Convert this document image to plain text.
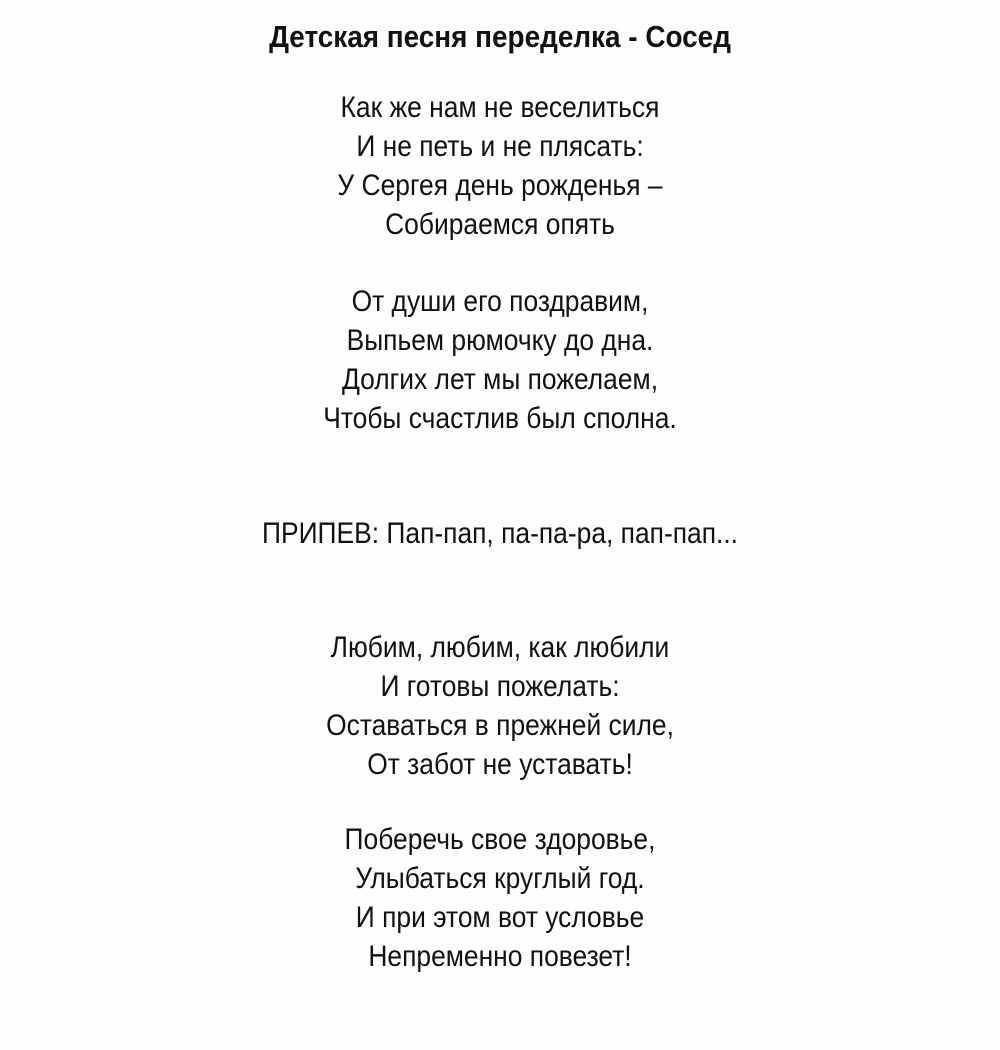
Детская песня переделка - Сосед
Как же нам не веселиться
И не петь и не плясать:
У Сергея день рожденья –
Собираемся опять
От души его поздравим,
Выпьем рюмочку до дна.
Долгих лет мы пожелаем,
Чтобы счастлив был сполна.
ПРИПЕВ: Пап-пап, па-па-ра, пап-пап...
Любим, любим, как любили
И готовы пожелать:
Оставаться в прежней силе,
От забот не уставать!
Поберечь свое здоровье,
Улыбаться круглый год.
И при этом вот условье
Непременно повезет!
